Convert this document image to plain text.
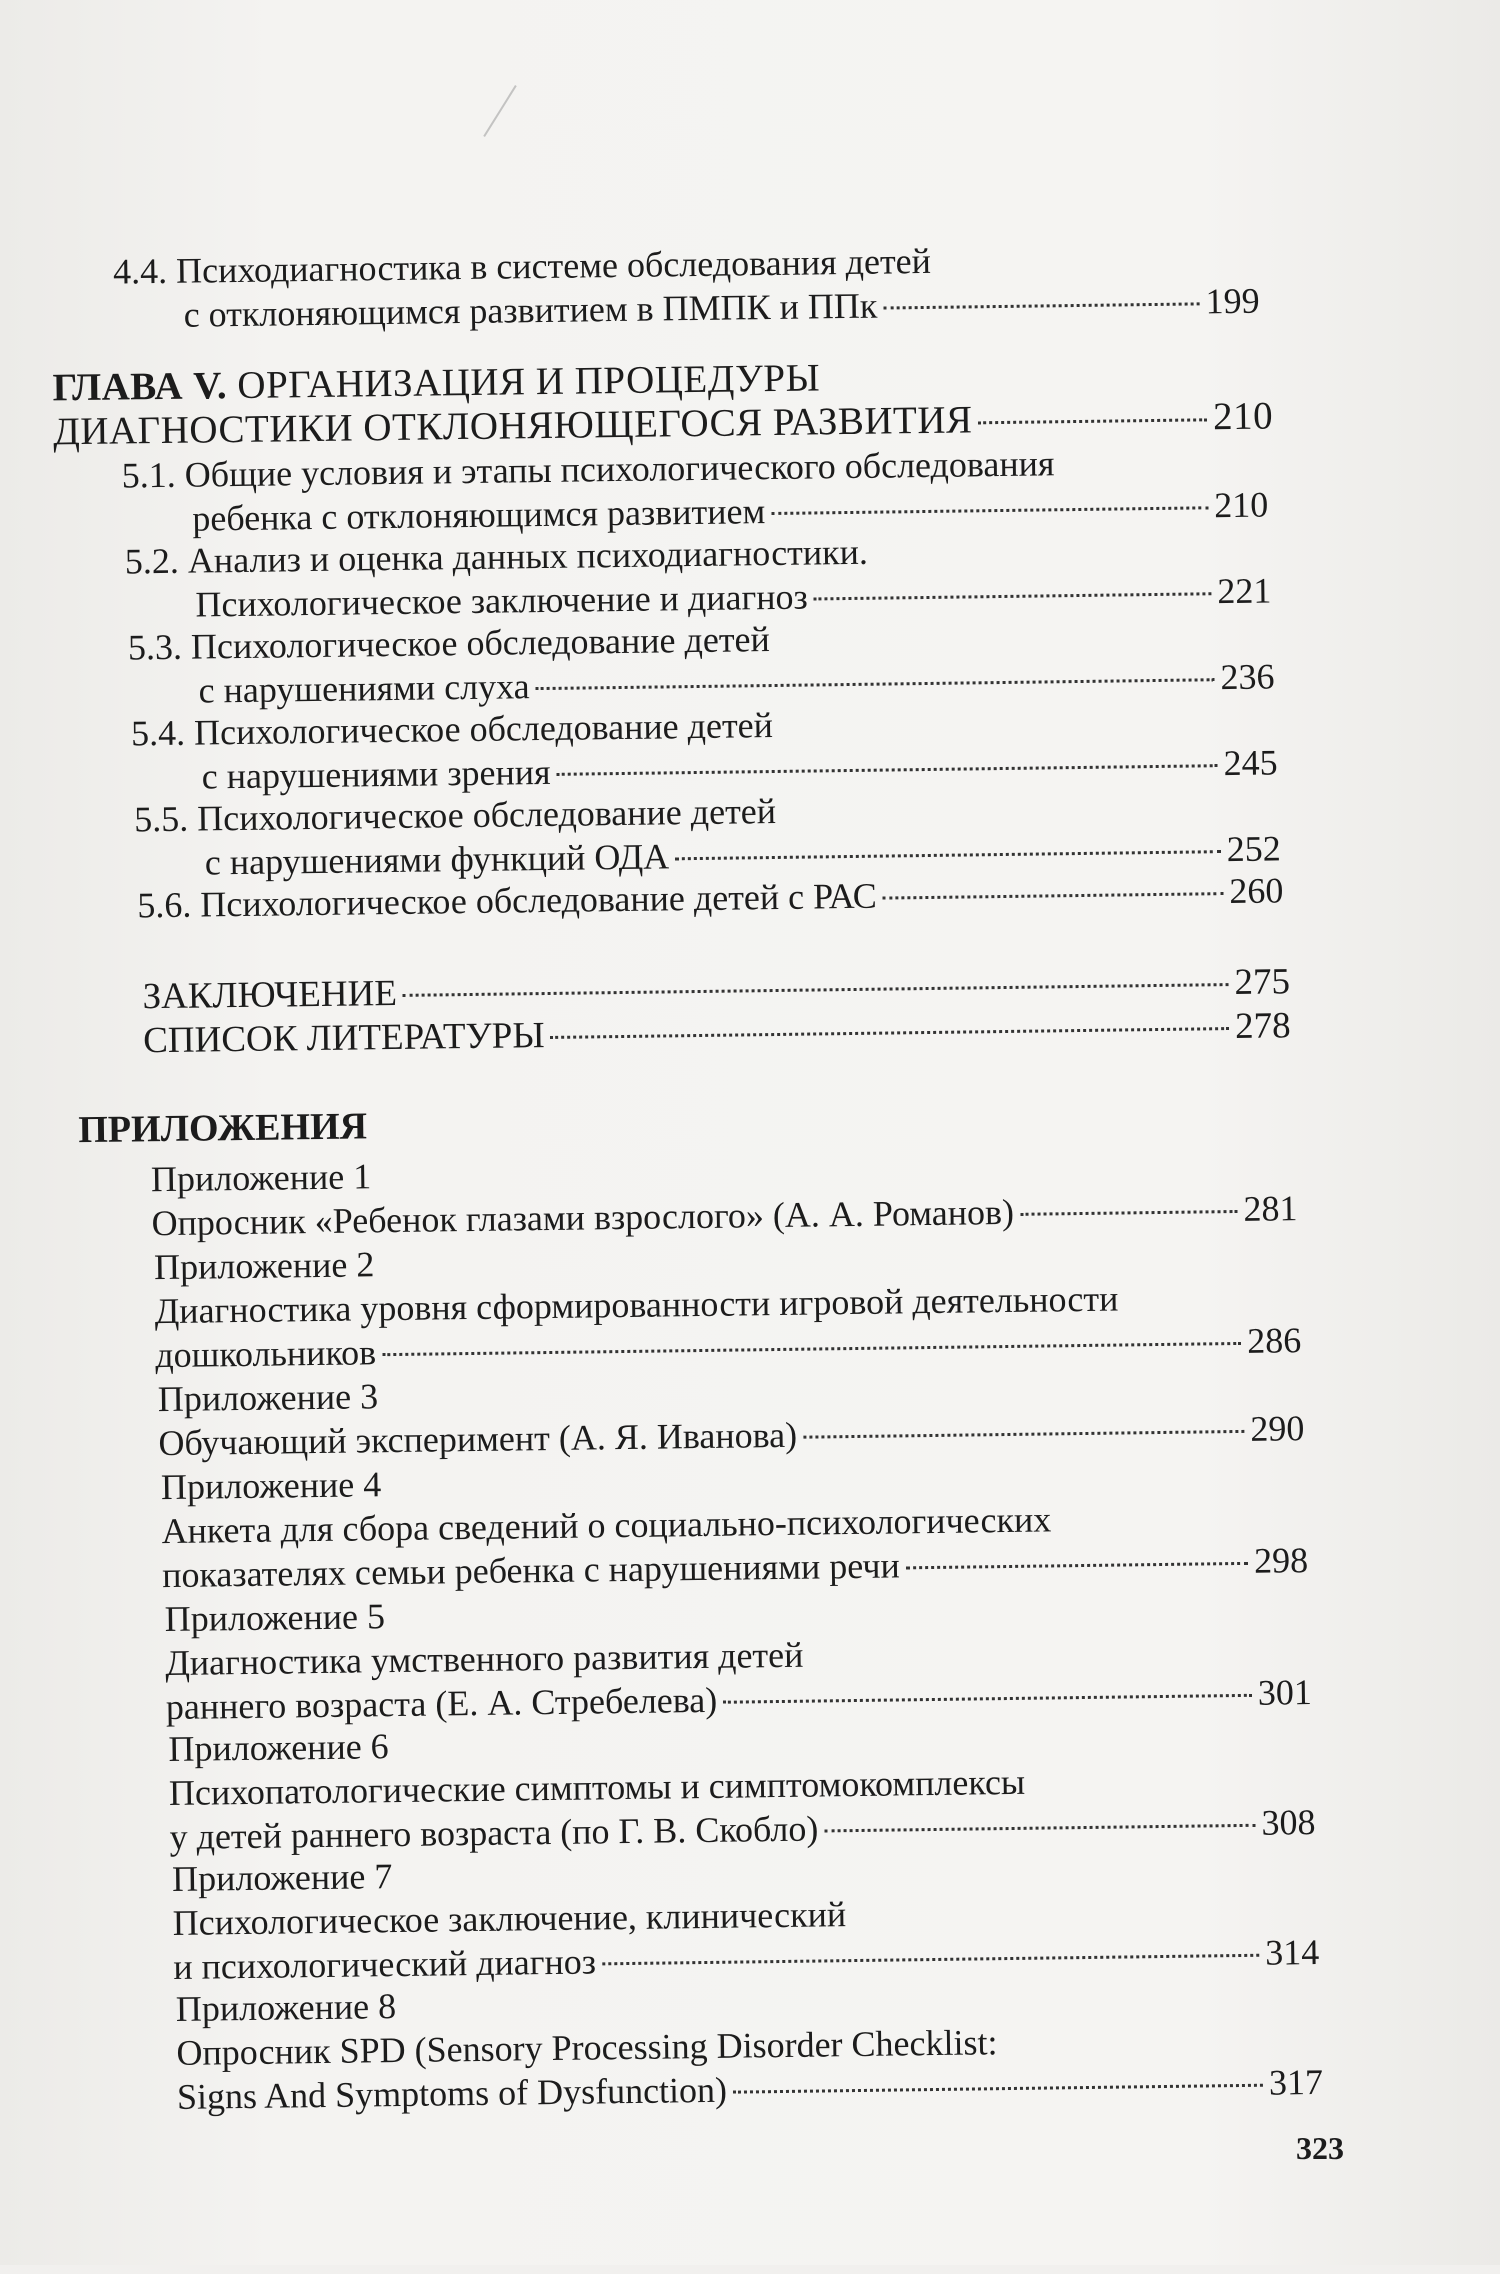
4.4.
Психодиагностика в системе обследования детей
с отклоняющимся развитием в ПМПК и ППк	199
ГЛАВА V.
ОРГАНИЗАЦИЯ И ПРОЦЕДУРЫ
ДИАГНОСТИКИ ОТКЛОНЯЮЩЕГОСЯ РАЗВИТИЯ	210
5.1.
Общие условия и этапы психологического обследования
ребенка с отклоняющимся развитием	210
5.2.
Анализ и оценка данных психодиагностики.
Психологическое заключение и диагноз	221
5.3.
Психологическое обследование детей
с нарушениями слуха	236
5.4.
Психологическое обследование детей
с нарушениями зрения	245
5.5.
Психологическое обследование детей
с нарушениями функций ОДА	252
5.6.
Психологическое обследование детей с РАС	260
ЗАКЛЮЧЕНИЕ	275
СПИСОК ЛИТЕРАТУРЫ	278
ПРИЛОЖЕНИЯ
Приложение 1
Опросник «Ребенок глазами взрослого» (А. А. Романов)	281
Приложение 2
Диагностика уровня сформированности игровой деятельности
дошкольников	286
Приложение 3
Обучающий эксперимент (А. Я. Иванова)	290
Приложение 4
Анкета для сбора сведений о социально-психологических
показателях семьи ребенка с нарушениями речи	298
Приложение 5
Диагностика умственного развития детей
раннего возраста (Е. А. Стребелева)	301
Приложение 6
Психопатологические симптомы и симптомокомплексы
у детей раннего возраста (по Г. В. Скобло)	308
Приложение 7
Психологическое заключение, клинический
и психологический диагноз	314
Приложение 8
Опросник SPD (Sensory Processing Disorder Checklist:
Signs And Symptoms of Dysfunction)	317
323
